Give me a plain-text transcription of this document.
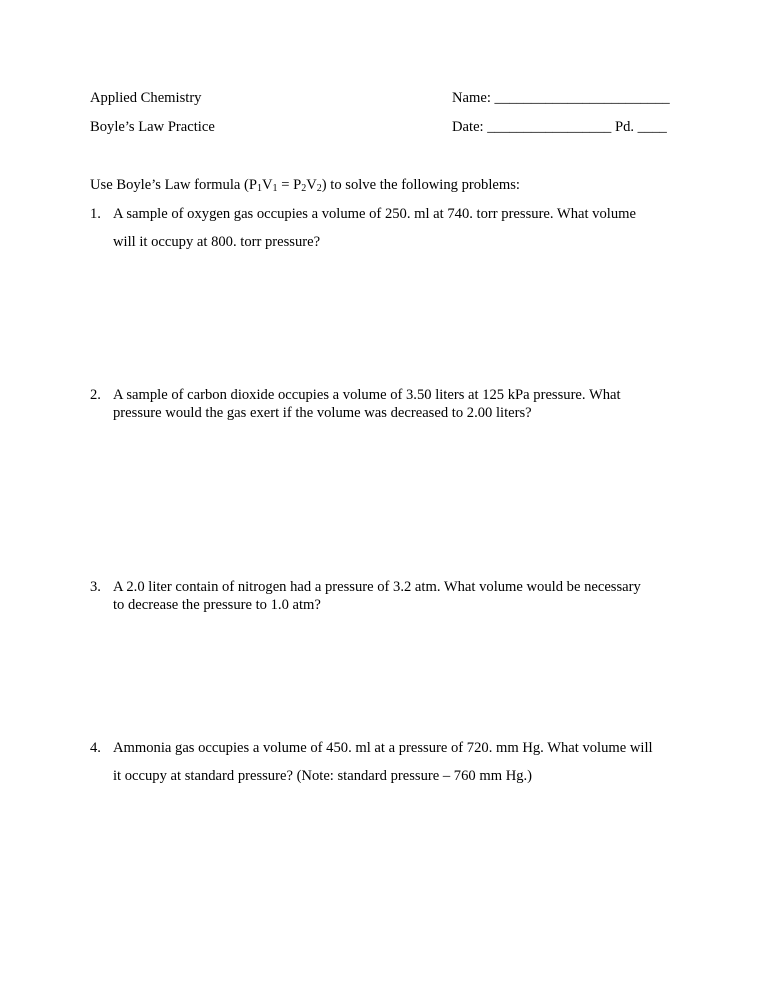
Applied Chemistry	Name: ________________________
Boyle’s Law Practice	Date: _________________ Pd. ____
Use Boyle’s Law formula $(P_1V_1 = P_2V_2)$ to solve the following problems:
1. A sample of oxygen gas occupies a volume of 250. ml at 740. torr pressure. What volume
will it occupy at 800. torr pressure?
2. A sample of carbon dioxide occupies a volume of 3.50 liters at 125 kPa pressure. What
pressure would the gas exert if the volume was decreased to 2.00 liters?
3. A 2.0 liter contain of nitrogen had a pressure of 3.2 atm. What volume would be necessary
to decrease the pressure to 1.0 atm?
4. Ammonia gas occupies a volume of 450. ml at a pressure of 720. mm Hg. What volume will
it occupy at standard pressure? (Note: standard pressure – 760 mm Hg.)
